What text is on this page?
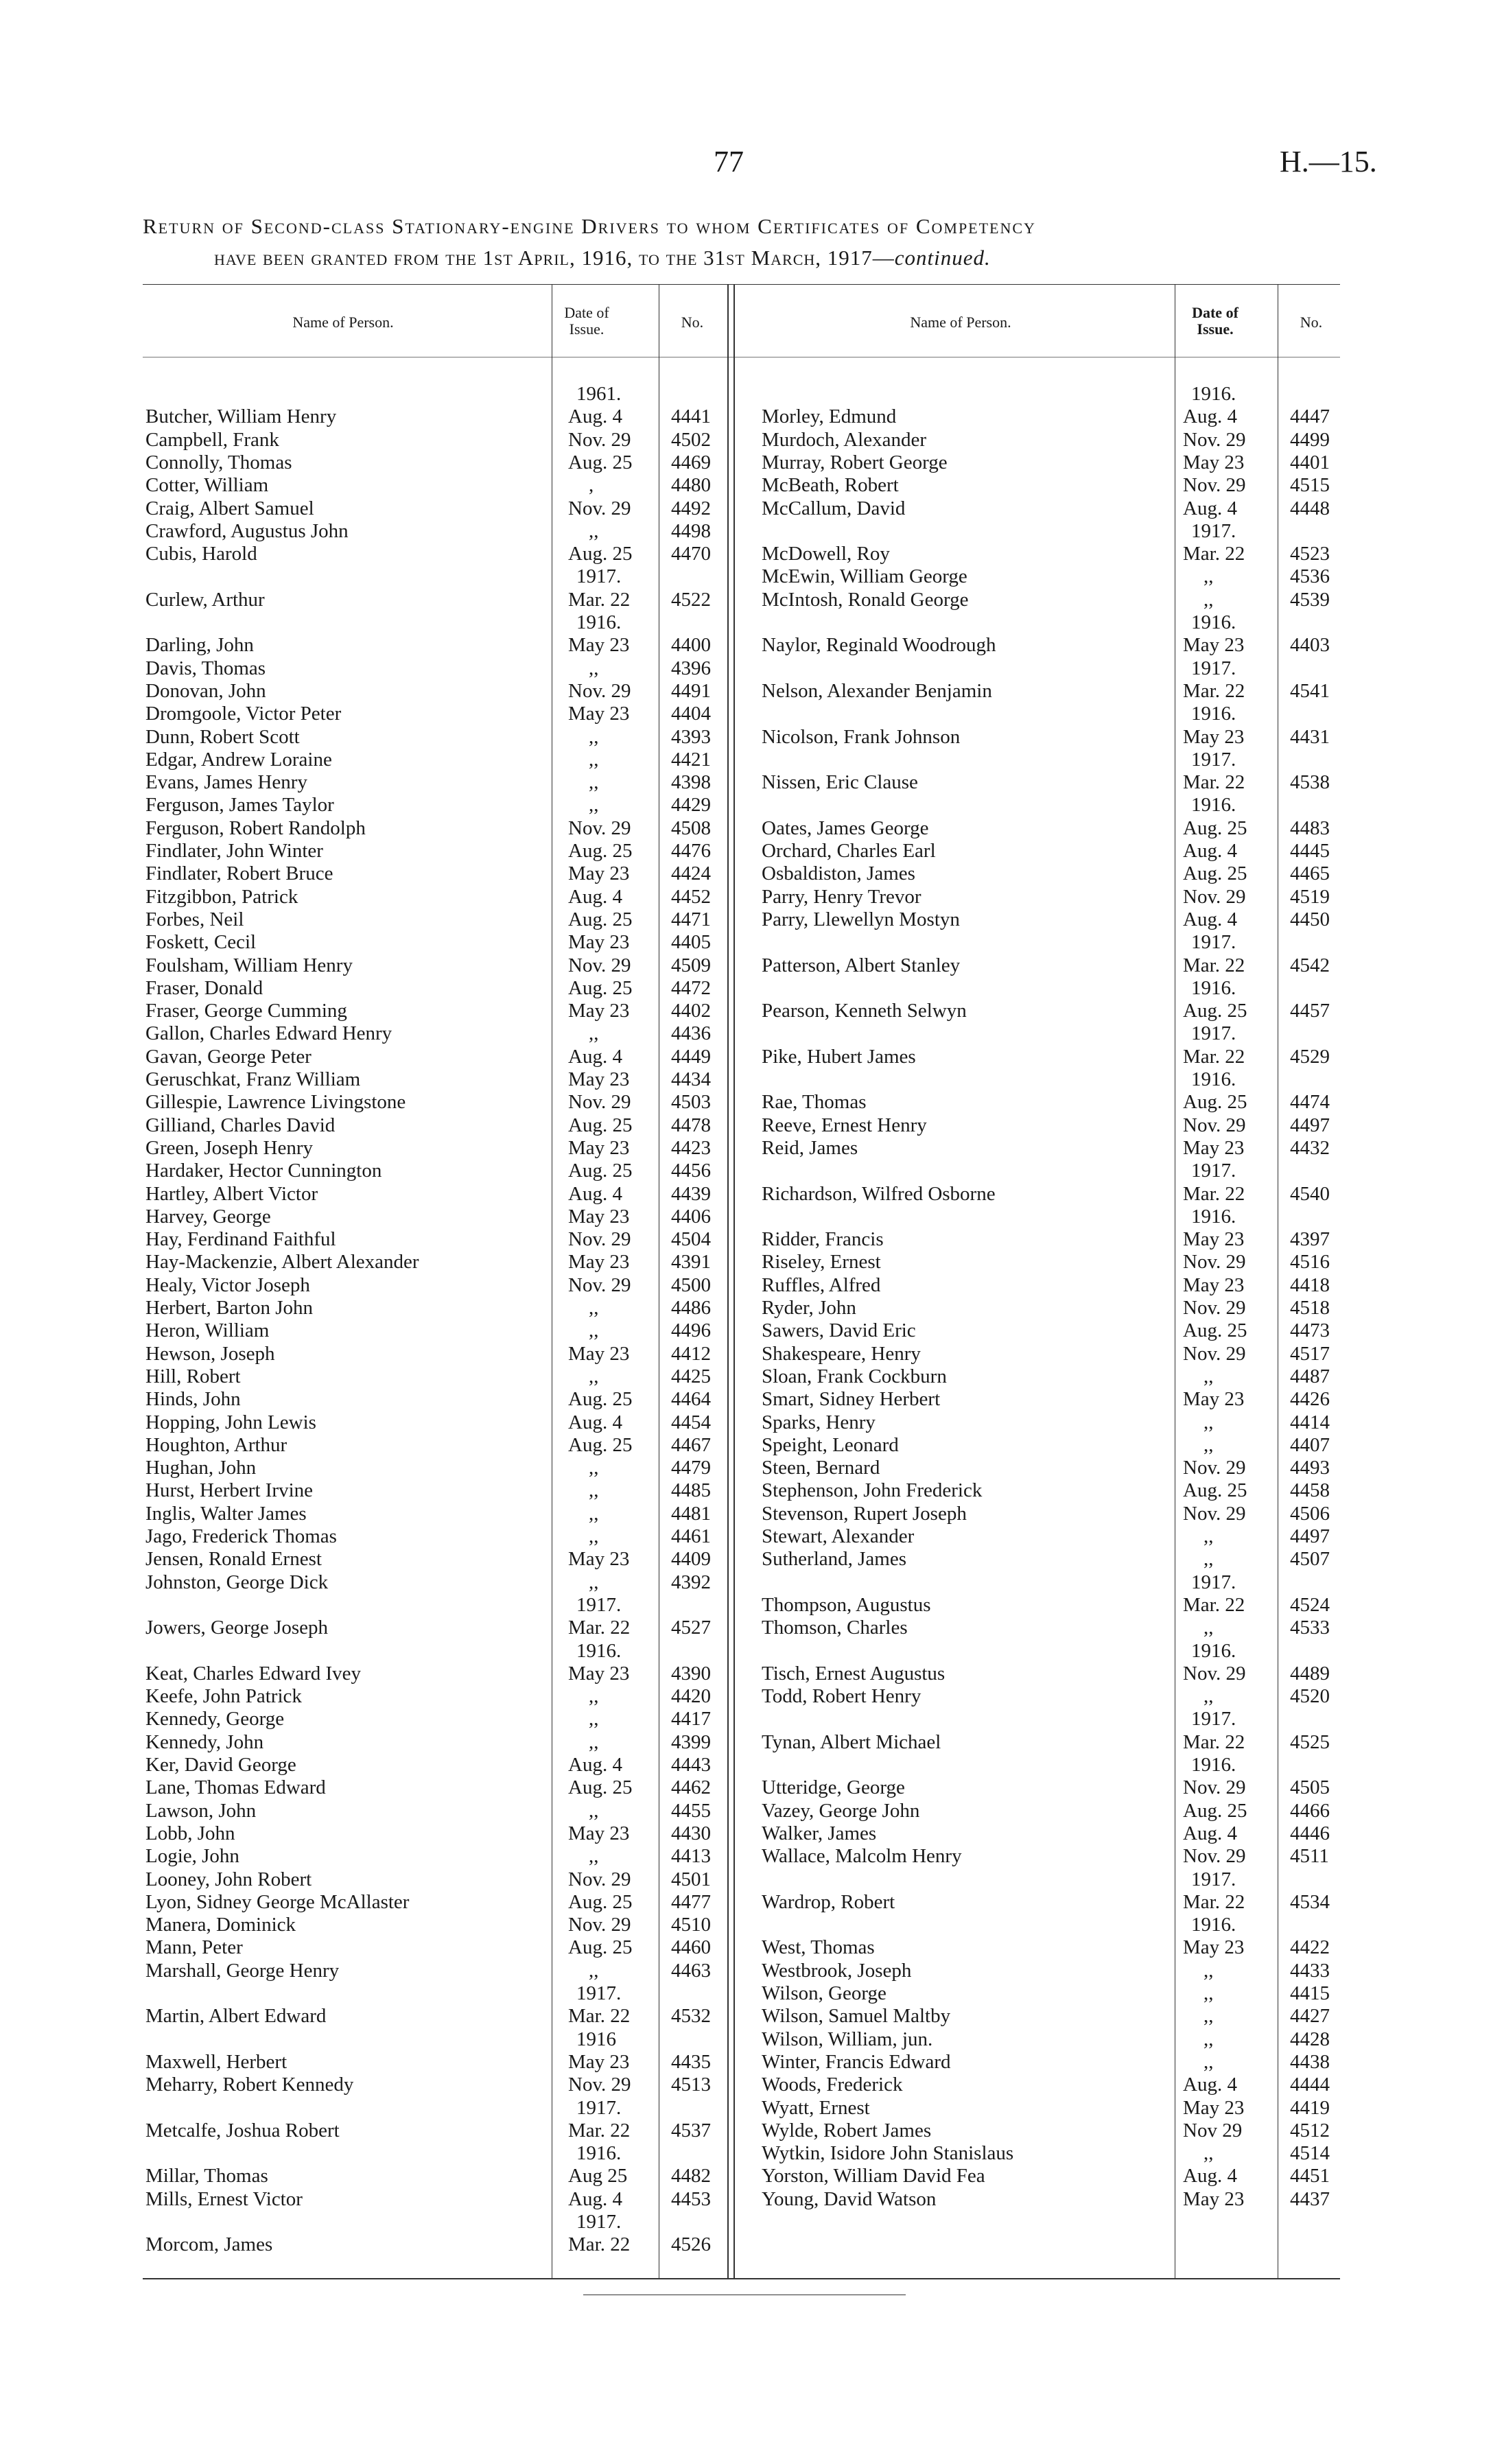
77	H.—15.
Return of Second-class Stationary-engine Drivers to whom Certificates of Competency
have been granted from the 1st April, 1916, to the 31st March, 1917—continued.
Name of Person.
Date of Issue.	No.	Name of Person.
Date of Issue.	No.
1961.
Butcher, William Henry	Aug. 4 4441
Campbell, Frank	Nov. 29 4502
Connolly, Thomas	Aug. 25 4469
Cotter, William	,	4480
Craig, Albert Samuel	Nov. 29 4492
Crawford, Augustus John	,,	4498
Cubis, Harold	Aug. 25 4470
1917.
Curlew, Arthur	Mar. 22 4522
1916.
Darling, John	May 23 4400
Davis, Thomas	,,	4396
Donovan, John	Nov. 29 4491
Dromgoole, Victor Peter	May 23 4404
Dunn, Robert Scott	,,	4393
Edgar, Andrew Loraine	,,	4421
Evans, James Henry	,,	4398
Ferguson, James Taylor	,,	4429
Ferguson, Robert Randolph	Nov. 29 4508
Findlater, John Winter	Aug. 25 4476
Findlater, Robert Bruce	May 23 4424
Fitzgibbon, Patrick	Aug. 4 4452
Forbes, Neil	Aug. 25 4471
Foskett, Cecil	May 23 4405
Foulsham, William Henry	Nov. 29 4509
Fraser, Donald	Aug. 25 4472
Fraser, George Cumming	May 23 4402
Gallon, Charles Edward Henry	,,	4436
Gavan, George Peter	Aug. 4 4449
Geruschkat, Franz William	May 23 4434
Gillespie, Lawrence Livingstone	Nov. 29 4503
Gilliand, Charles David	Aug. 25 4478
Green, Joseph Henry	May 23 4423
Hardaker, Hector Cunnington	Aug. 25 4456
Hartley, Albert Victor	Aug. 4 4439
Harvey, George	May 23 4406
Hay, Ferdinand Faithful	Nov. 29 4504
Hay-Mackenzie, Albert Alexander	May 23 4391
Healy, Victor Joseph	Nov. 29 4500
Herbert, Barton John	,,	4486
Heron, William	,,	4496
Hewson, Joseph	May 23 4412
Hill, Robert	,,	4425
Hinds, John	Aug. 25 4464
Hopping, John Lewis	Aug. 4 4454
Houghton, Arthur	Aug. 25 4467
Hughan, John	,,	4479
Hurst, Herbert Irvine	,,	4485
Inglis, Walter James	,,	4481
Jago, Frederick Thomas	,,	4461
Jensen, Ronald Ernest	May 23 4409
Johnston, George Dick	,,	4392
1917.
Jowers, George Joseph	Mar. 22 4527
1916.
Keat, Charles Edward Ivey	May 23 4390
Keefe, John Patrick	,,	4420
Kennedy, George	,,	4417
Kennedy, John	,,	4399
Ker, David George	Aug. 4 4443
Lane, Thomas Edward	Aug. 25 4462
Lawson, John	,,	4455
Lobb, John	May 23 4430
Logie, John	,,	4413
Looney, John Robert	Nov. 29 4501
Lyon, Sidney George McAllaster	Aug. 25 4477
Manera, Dominick	Nov. 29 4510
Mann, Peter	Aug. 25 4460
Marshall, George Henry	,,	4463
1917.
Martin, Albert Edward	Mar. 22 4532
1916
Maxwell, Herbert	May 23 4435
Meharry, Robert Kennedy	Nov. 29 4513
1917.
Metcalfe, Joshua Robert	Mar. 22 4537
1916.
Millar, Thomas	Aug 25 4482
Mills, Ernest Victor	Aug. 4 4453
1917.
Morcom, James	Mar. 22 4526
1916.
Morley, Edmund	Aug. 4	4447
Murdoch, Alexander	Nov. 29 4499
Murray, Robert George	May 23 4401
McBeath, Robert	Nov. 29 4515
McCallum, David	Aug. 4	4448
1917.
McDowell, Roy	Mar. 22 4523
McEwin, William George	,,	4536
McIntosh, Ronald George	,,	4539
1916.
Naylor, Reginald Woodrough	May 23 4403
1917.
Nelson, Alexander Benjamin	Mar. 22 4541
1916.
Nicolson, Frank Johnson	May 23 4431
1917.
Nissen, Eric Clause	Mar. 22 4538
1916.
Oates, James George	Aug. 25 4483
Orchard, Charles Earl	Aug. 4	4445
Osbaldiston, James	Aug. 25 4465
Parry, Henry Trevor	Nov. 29 4519
Parry, Llewellyn Mostyn	Aug. 4	4450
1917.
Patterson, Albert Stanley	Mar. 22 4542
1916.
Pearson, Kenneth Selwyn	Aug. 25 4457
1917.
Pike, Hubert James	Mar. 22 4529
1916.
Rae, Thomas	Aug. 25 4474
Reeve, Ernest Henry	Nov. 29 4497
Reid, James	May 23 4432
1917.
Richardson, Wilfred Osborne	Mar. 22 4540
1916.
Ridder, Francis	May 23 4397
Riseley, Ernest	Nov. 29 4516
Ruffles, Alfred	May 23 4418
Ryder, John	Nov. 29 4518
Sawers, David Eric	Aug. 25 4473
Shakespeare, Henry	Nov. 29 4517
Sloan, Frank Cockburn	,,	4487
Smart, Sidney Herbert	May 23 4426
Sparks, Henry	,,	4414
Speight, Leonard	,,	4407
Steen, Bernard	Nov. 29 4493
Stephenson, John Frederick	Aug. 25 4458
Stevenson, Rupert Joseph	Nov. 29 4506
Stewart, Alexander	,,	4497
Sutherland, James	,,	4507
1917.
Thompson, Augustus	Mar. 22 4524
Thomson, Charles	,,	4533
1916.
Tisch, Ernest Augustus	Nov. 29 4489
Todd, Robert Henry	,,	4520
1917.
Tynan, Albert Michael	Mar. 22 4525
1916.
Utteridge, George	Nov. 29 4505
Vazey, George John	Aug. 25 4466
Walker, James	Aug. 4	4446
Wallace, Malcolm Henry	Nov. 29 4511
1917.
Wardrop, Robert	Mar. 22 4534
1916.
West, Thomas	May 23 4422
Westbrook, Joseph	,,	4433
Wilson, George	,,	4415
Wilson, Samuel Maltby	,,	4427
Wilson, William, jun.	,,	4428
Winter, Francis Edward	,,	4438
Woods, Frederick	Aug. 4	4444
Wyatt, Ernest	May 23 4419
Wylde, Robert James	Nov 29 4512
Wytkin, Isidore John Stanislaus	,,	4514
Yorston, William David Fea	Aug. 4	4451
Young, David Watson	May 23 4437
